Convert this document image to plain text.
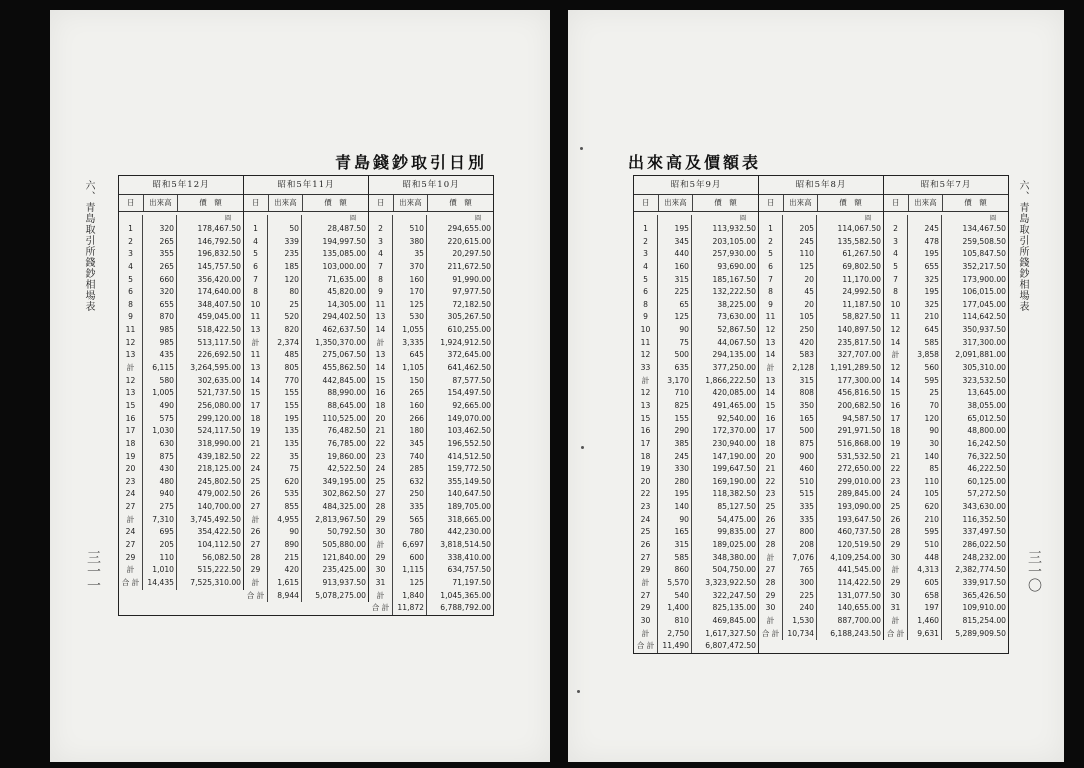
青島錢鈔取引日別
六、青島取引所錢鈔相場表
三一一
昭和5年12月
日	出來高	價　額
圓
1	320	178,467.50
2	265	146,792.50
3	355	196,832.50
4	265	145,757.50
5	660	356,420.00
6	320	174,640.00
8	655	348,407.50
9	870	459,045.00
11	985	518,422.50
12	985	513,117.50
13	435	226,692.50
計	6,115	3,264,595.00
12	580	302,635.00
13	1,005	521,737.50
15	490	256,080.00
16	575	299,120.00
17	1,030	524,117.50
18	630	318,990.00
19	875	439,182.50
20	430	218,125.00
23	480	245,802.50
24	940	479,002.50
27	275	140,700.00
計	7,310	3,745,492.50
24	695	354,422.50
27	205	104,112.50
29	110	56,082.50
計	1,010	515,222.50
合 計	14,435	7,525,310.00
昭和5年11月
日	出來高	價　額
圓
1	50	28,487.50
4	339	194,997.50
5	235	135,085.00
6	185	103,000.00
7	120	71,635.00
8	80	45,820.00
10	25	14,305.00
11	520	294,402.50
13	820	462,637.50
計	2,374	1,350,370.00
11	485	275,067.50
13	805	455,862.50
14	770	442,845.00
15	155	88,990.00
17	155	88,645.00
18	195	110,525.00
19	135	76,482.50
21	135	76,785.00
22	35	19,860.00
24	75	42,522.50
25	620	349,195.00
26	535	302,862.50
27	855	484,325.00
計	4,955	2,813,967.50
26	90	50,792.50
27	890	505,880.00
28	215	121,840.00
29	420	235,425.00
計	1,615	913,937.50
合 計	8,944	5,078,275.00
昭和5年10月
日	出來高	價　額
圓
2	510	294,655.00
3	380	220,615.00
4	35	20,297.50
7	370	211,672.50
8	160	91,990.00
9	170	97,977.50
11	125	72,182.50
13	530	305,267.50
14	1,055	610,255.00
計	3,335	1,924,912.50
13	645	372,645.00
14	1,105	641,462.50
15	150	87,577.50
16	265	154,497.50
18	160	92,665.00
20	266	149,070.00
21	180	103,462.50
22	345	196,552.50
23	740	414,512.50
24	285	159,772.50
25	632	355,149.50
27	250	140,647.50
28	335	189,705.00
29	565	318,665.00
30	780	442,230.00
計	6,697	3,818,514.50
29	600	338,410.00
30	1,115	634,757.50
31	125	71,197.50
計	1,840	1,045,365.00
合 計	11,872	6,788,792.00
出來高及價額表
六、青島取引所錢鈔相場表
三一〇
昭和5年9月
日	出來高	價　額
圓
1	195	113,932.50
2	345	203,105.00
3	440	257,930.00
4	160	93,690.00
5	315	185,167.50
6	225	132,222.50
8	65	38,225.00
9	125	73,630.00
10	90	52,867.50
11	75	44,067.50
12	500	294,135.00
33	635	377,250.00
計	3,170	1,866,222.50
12	710	420,085.00
13	825	491,465.00
15	155	92,540.00
16	290	172,370.00
17	385	230,940.00
18	245	147,190.00
19	330	199,647.50
20	280	169,190.00
22	195	118,382.50
23	140	85,127.50
24	90	54,475.00
25	165	99,835.00
26	315	189,025.00
27	585	348,380.00
29	860	504,750.00
計	5,570	3,323,922.50
27	540	322,247.50
29	1,400	825,135.00
30	810	469,845.00
計	2,750	1,617,327.50
合 計	11,490	6,807,472.50
昭和5年8月
日	出來高	價　額
圓
1	205	114,067.50
2	245	135,582.50
5	110	61,267.50
6	125	69,802.50
7	20	11,170.00
8	45	24,992.50
9	20	11,187.50
11	105	58,827.50
12	250	140,897.50
13	420	235,817.50
14	583	327,707.00
計	2,128	1,191,289.50
13	315	177,300.00
14	808	456,816.50
15	350	200,682.50
16	165	94,587.50
17	500	291,971.50
18	875	516,868.00
20	900	531,532.50
21	460	272,650.00
22	510	299,010.00
23	515	289,845.00
25	335	193,090.00
26	335	193,647.50
27	800	460,737.50
28	208	120,519.50
計	7,076	4,109,254.00
27	765	441,545.00
28	300	114,422.50
29	225	131,077.50
30	240	140,655.00
計	1,530	887,700.00
合 計	10,734	6,188,243.50
昭和5年7月
日	出來高	價　額
圓
2	245	134,467.50
3	478	259,508.50
4	195	105,847.50
5	655	352,217.50
7	325	173,900.00
8	195	106,015.00
10	325	177,045.00
11	210	114,642.50
12	645	350,937.50
14	585	317,300.00
計	3,858	2,091,881.00
12	560	305,310.00
14	595	323,532.50
15	25	13,645.00
16	70	38,055.00
17	120	65,012.50
18	90	48,800.00
19	30	16,242.50
21	140	76,322.50
22	85	46,222.50
23	110	60,125.00
24	105	57,272.50
25	620	343,630.00
26	210	116,352.50
28	595	337,497.50
29	510	286,022.50
30	448	248,232.00
計	4,313	2,382,774.50
29	605	339,917.50
30	658	365,426.50
31	197	109,910.00
計	1,460	815,254.00
合 計	9,631	5,289,909.50
